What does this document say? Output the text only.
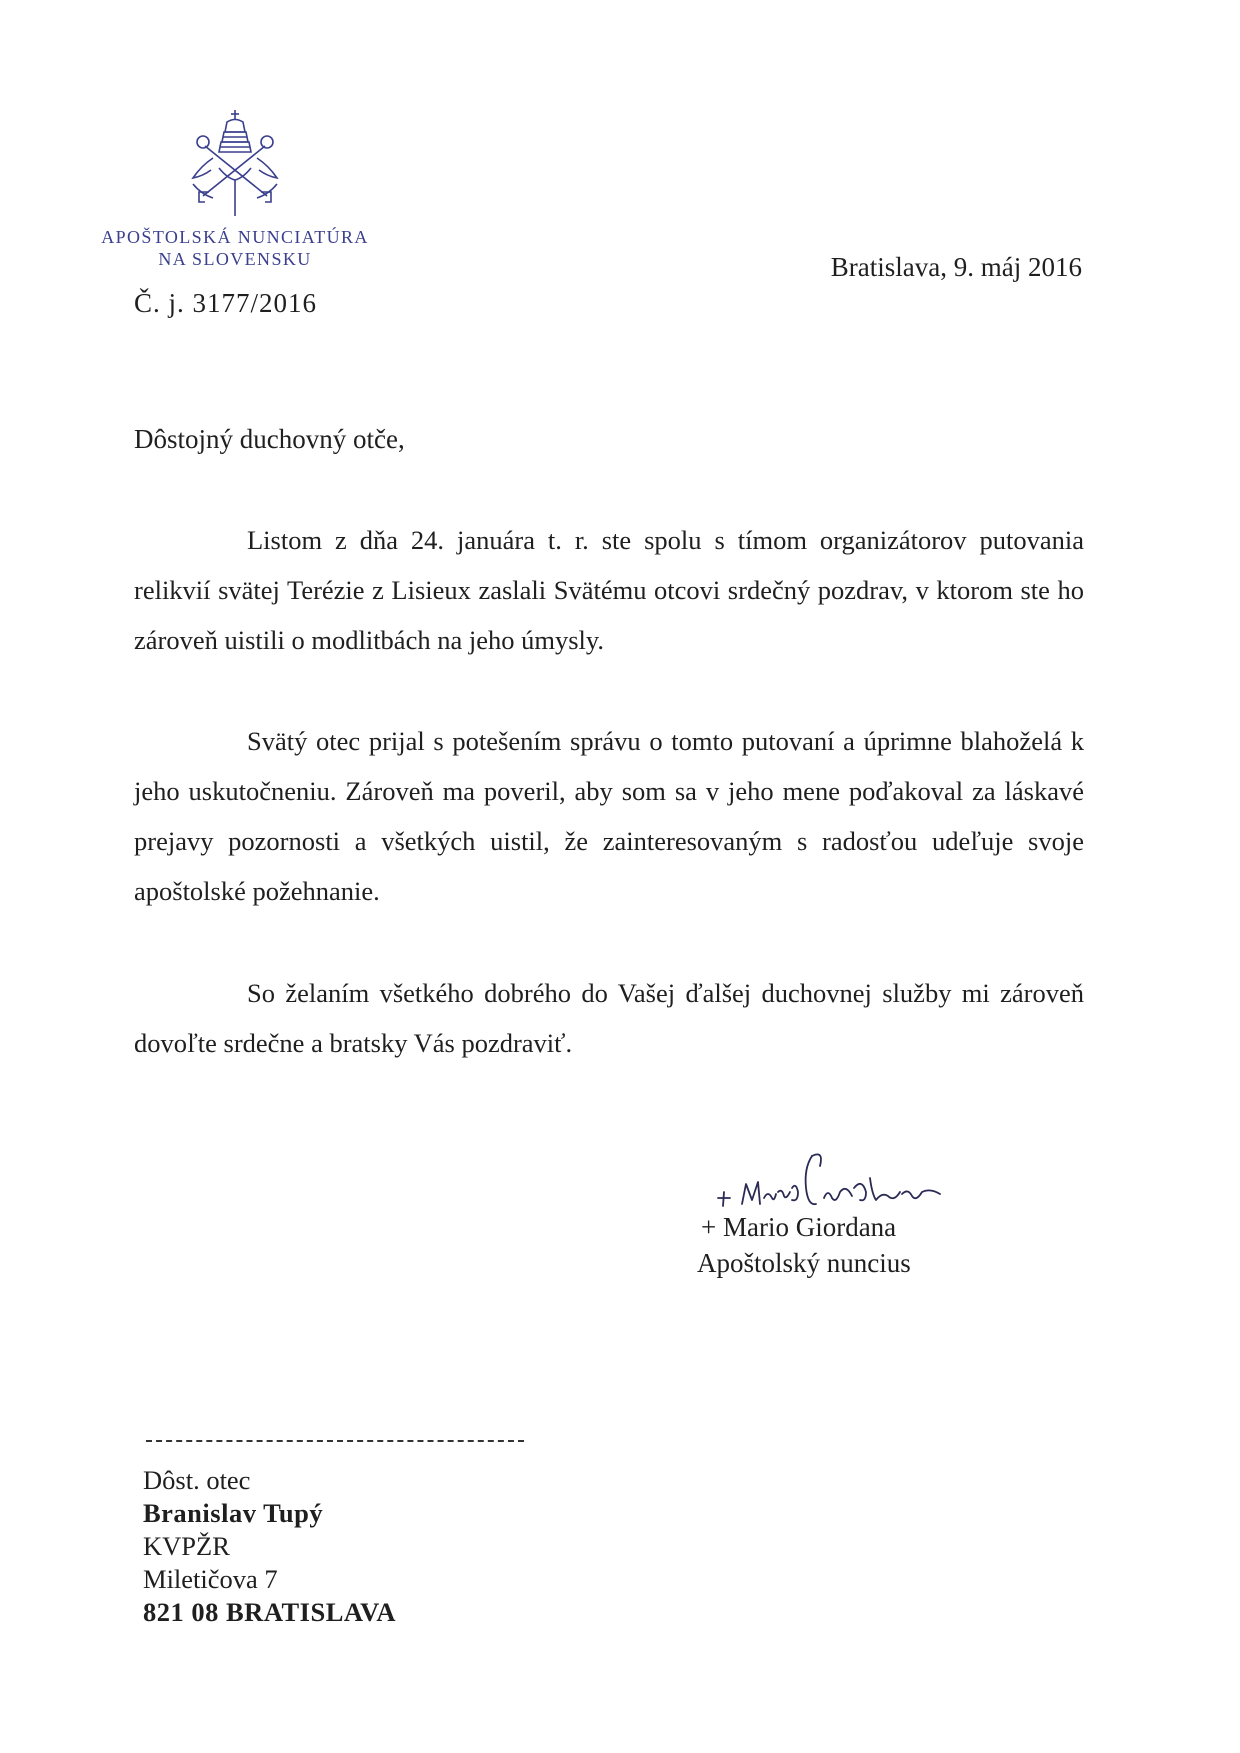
APOŠTOLSKÁ NUNCIATÚRA
NA SLOVENSKU
Č. j. 3177/2016
Bratislava, 9. máj 2016
Dôstojný duchovný otče,
Listom z dňa 24. januára t. r. ste spolu s tímom organizátorov putovania relikvií svätej Terézie z Lisieux zaslali Svätému otcovi srdečný pozdrav, v ktorom ste ho zároveň uistili o modlitbách na jeho úmysly.
Svätý otec prijal s potešením správu o tomto putovaní a úprimne blahoželá k jeho uskutočneniu. Zároveň ma poveril, aby som sa v jeho mene poďakoval za láskavé prejavy pozornosti a všetkých uistil, že zainteresovaným s radosťou udeľuje svoje apoštolské požehnanie.
So želaním všetkého dobrého do Vašej ďalšej duchovnej služby mi zároveň dovoľte srdečne a bratsky Vás pozdraviť.
+ Mario Giordana
Apoštolský nuncius
Dôst. otec
Branislav Tupý
KVPŽR
Miletičova 7
821 08 BRATISLAVA
